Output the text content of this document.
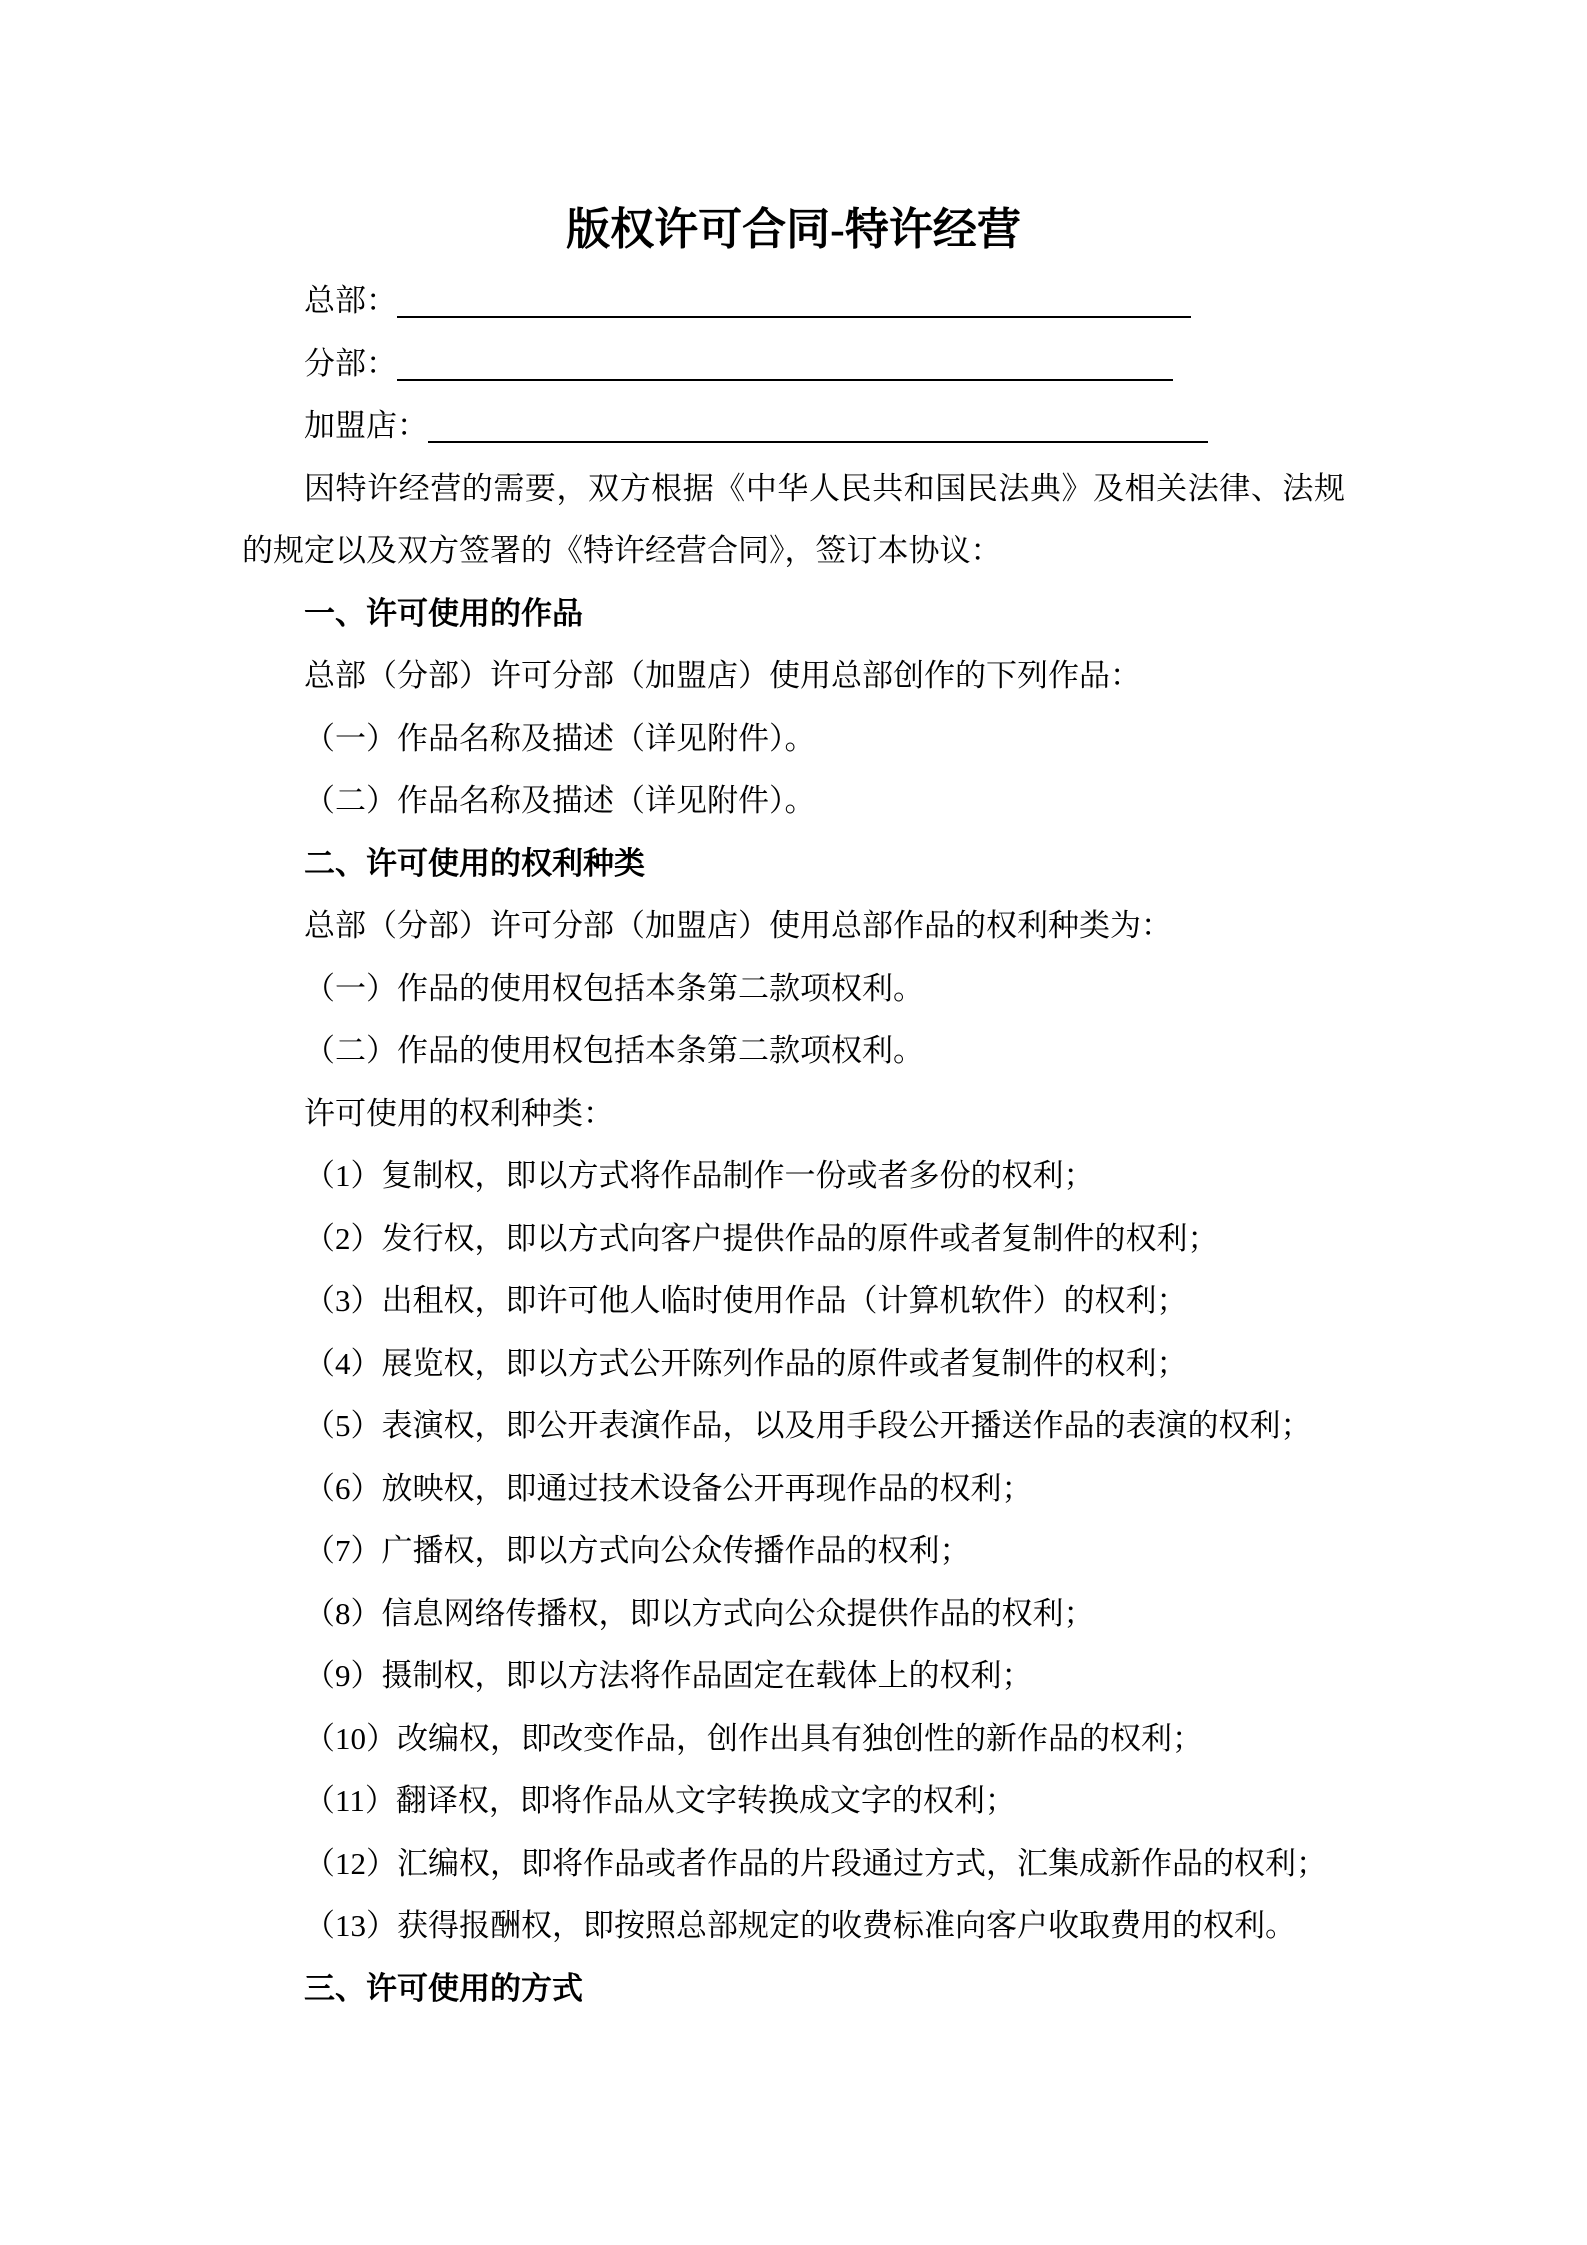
版权许可合同-特许经营
总部：
分部：
加盟店：

因特许经营的需要，双方根据《中华人民共和国民法典》及相关法律、法规的规定以及双方签署的《特许经营合同》，签订本协议：

一、许可使用的作品

总部（分部）许可分部（加盟店）使用总部创作的下列作品：

（一）作品名称及描述（详见附件）。

（二）作品名称及描述（详见附件）。

二、许可使用的权利种类

总部（分部）许可分部（加盟店）使用总部作品的权利种类为：

（一）作品的使用权包括本条第二款项权利。

（二）作品的使用权包括本条第二款项权利。

许可使用的权利种类：

（1）复制权，即以方式将作品制作一份或者多份的权利；

（2）发行权，即以方式向客户提供作品的原件或者复制件的权利；

（3）出租权，即许可他人临时使用作品（计算机软件）的权利；

（4）展览权，即以方式公开陈列作品的原件或者复制件的权利；

（5）表演权，即公开表演作品，以及用手段公开播送作品的表演的权利；

（6）放映权，即通过技术设备公开再现作品的权利；

（7）广播权，即以方式向公众传播作品的权利；

（8）信息网络传播权，即以方式向公众提供作品的权利；

（9）摄制权，即以方法将作品固定在载体上的权利；

（10）改编权，即改变作品，创作出具有独创性的新作品的权利；

（11）翻译权，即将作品从文字转换成文字的权利；

（12）汇编权，即将作品或者作品的片段通过方式，汇集成新作品的权利；

（13）获得报酬权，即按照总部规定的收费标准向客户收取费用的权利。

三、许可使用的方式
